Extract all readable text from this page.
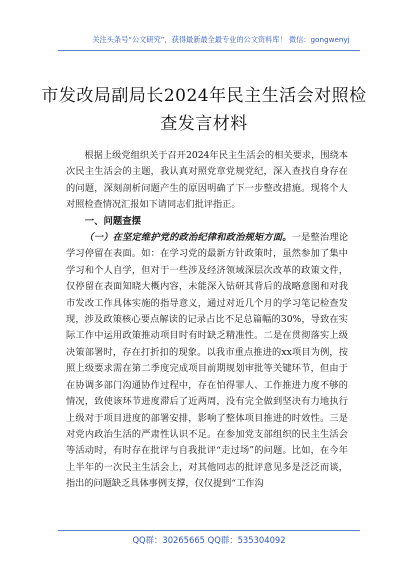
关注头条号“公文研究”，获得最新最全最专业的公文资料库！ 微信：gongwenyj
市发改局副局长2024年民主生活会对照检
查发言材料

根据上级党组织关于召开2024年民主生活会的相关要求，围绕本次民主生活会的主题，我认真对照党章党规党纪，深入查找自身存在的问题，深刻剖析问题产生的原因明确了下一步整改措施。现将个人对照检查情况汇报如下请同志们批评指正。

一、问题查摆

（一）在坚定维护党的政治纪律和政治规矩方面。一是整治理论学习停留在表面。如：在学习党的最新方针政策时，虽然参加了集中学习和个人自学，但对于一些涉及经济领域深层次改革的政策文件，仅停留在表面知晓大概内容，未能深入钻研其背后的战略意图和对我市发改工作具体实施的指导意义，通过对近几个月的学习笔记检查发现，涉及政策核心要点解读的记录占比不足总篇幅的30%，导致在实际工作中运用政策推动项目时有时缺乏精准性。二是在贯彻落实上级决策部署时，存在打折扣的现象。以我市重点推进的xx项目为例，按照上级要求需在第二季度完成项目前期规划审批等关键环节，但由于在协调多部门沟通协作过程中，存在怕得罪人、工作推进力度不够的情况，致使该环节进度滞后了近两周，没有完全做到坚决有力地执行上级对于项目进度的部署安排，影响了整体项目推进的时效性。三是对党内政治生活的严肃性认识不足。在参加党支部组织的民主生活会等活动时，有时存在批评与自我批评“走过场”的问题。比如，在今年上半年的一次民主生活会上，对其他同志的批评意见多是泛泛而谈，指出的问题缺乏具体事例支撑，仅仅提到“工作沟

QQ群：30265665 QQ群：535304092
